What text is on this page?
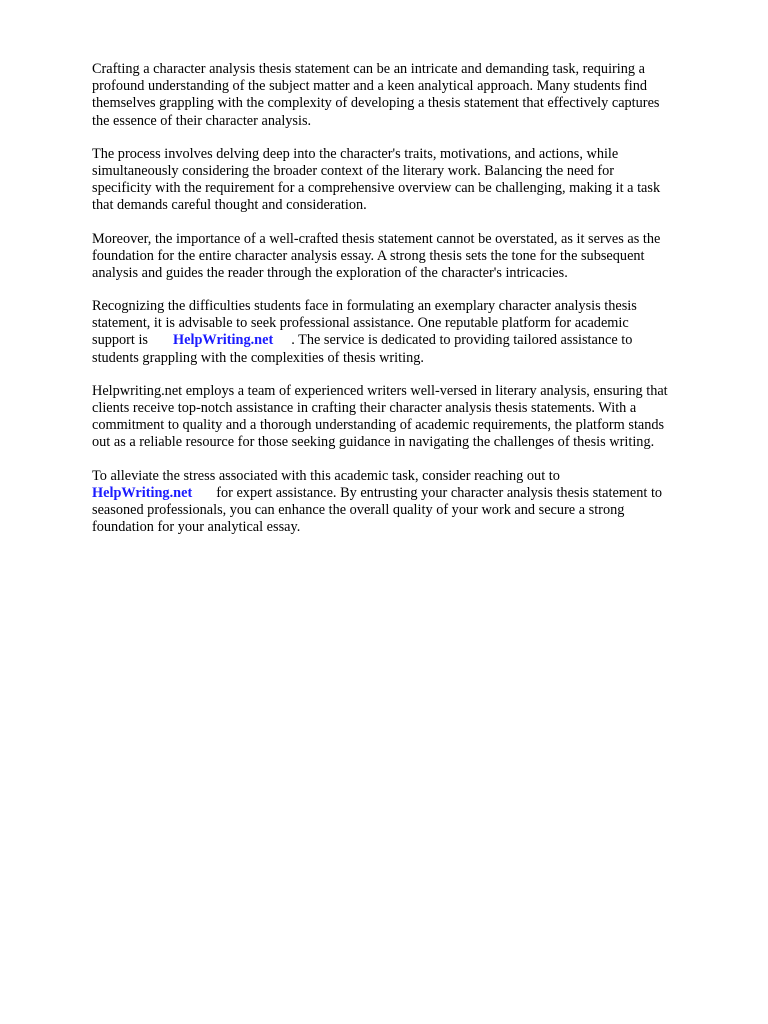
Crafting a character analysis thesis statement can be an intricate and demanding task, requiring a
profound understanding of the subject matter and a keen analytical approach. Many students find
themselves grappling with the complexity of developing a thesis statement that effectively captures
the essence of their character analysis.

The process involves delving deep into the character's traits, motivations, and actions, while
simultaneously considering the broader context of the literary work. Balancing the need for
specificity with the requirement for a comprehensive overview can be challenging, making it a task
that demands careful thought and consideration.

Moreover, the importance of a well-crafted thesis statement cannot be overstated, as it serves as the
foundation for the entire character analysis essay. A strong thesis sets the tone for the subsequent
analysis and guides the reader through the exploration of the character's intricacies.

Recognizing the difficulties students face in formulating an exemplary character analysis thesis
statement, it is advisable to seek professional assistance. One reputable platform for academic
support is HelpWriting.net . The service is dedicated to providing tailored assistance to
students grappling with the complexities of thesis writing.

Helpwriting.net employs a team of experienced writers well-versed in literary analysis, ensuring that
clients receive top-notch assistance in crafting their character analysis thesis statements. With a
commitment to quality and a thorough understanding of academic requirements, the platform stands
out as a reliable resource for those seeking guidance in navigating the challenges of thesis writing.

To alleviate the stress associated with this academic task, consider reaching out to
HelpWriting.net for expert assistance. By entrusting your character analysis thesis statement to
seasoned professionals, you can enhance the overall quality of your work and secure a strong
foundation for your analytical essay.
